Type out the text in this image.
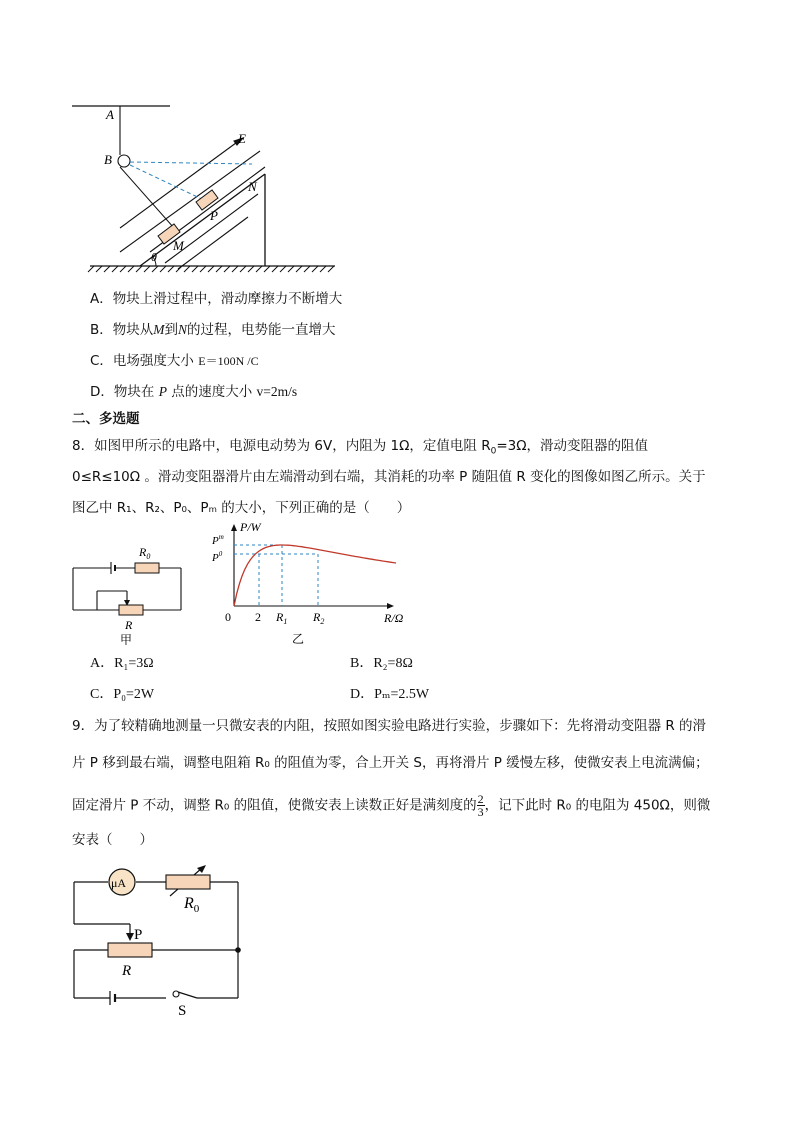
A
B
E
N
P
M
θ
A．物块上滑过程中，滑动摩擦力不断增大
B．物块从M到N的过程，电势能一直增大
C．电场强度大小 E＝100N /C
D．物块在 P 点的速度大小 v=2m/s
二、多选题
8．如图甲所示的电路中，电源电动势为 6V，内阻为 1Ω，定值电阻 $R_0=3\Omega$，滑动变阻器的阻值
0≤R≤10Ω 。滑动变阻器滑片由左端滑动到右端，其消耗的功率 P 随阻值 R 变化的图像如图乙所示。关于
图乙中 R₁、R₂、P₀、Pₘ 的大小，下列正确的是（　　）
$R_0$
R
甲
P/W
$P^m$
$P^0$
0 2 $R_1$ $R_2$	R/Ω
乙
A．R₁=3Ω	B．R₂=8Ω
C．P₀=2W	D．Pₘ=2.5W
9．为了较精确地测量一只微安表的内阻，按照如图实验电路进行实验，步骤如下：先将滑动变阻器 R 的滑
片 P 移到最右端，调整电阻箱 R₀ 的阻值为零，合上开关 S，再将滑片 P 缓慢左移，使微安表上电流满偏；
固定滑片 P 不动，调整 R₀ 的阻值，使微安表上读数正好是满刻度的 $\frac{2}{3}$ ，记下此时 R₀ 的电阻为 450Ω，则微
安表（　　）
μA
$R_0$
P
R
S
